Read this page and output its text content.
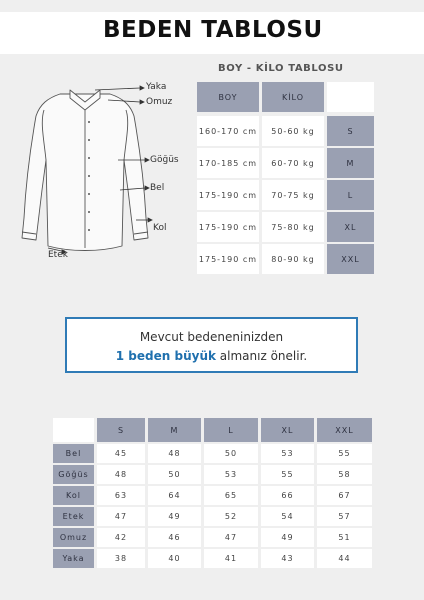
BEDEN TABLOSU
Yaka
Omuz
Göğüs
Bel
Kol
Etek
BOY - KİLO TABLOSU
BOY	KİLO
160-170 cm	50-60 kg	S
170-185 cm	60-70 kg	M
175-190 cm	70-75 kg	L
175-190 cm	75-80 kg	XL
175-190 cm	80-90 kg	XXL
Mevcut bedeneninizden
1 beden büyük almanız önelir.
S	M	L	XL	XXL
Bel	45	48	50	53	55
Göğüs	48	50	53	55	58
Kol	63	64	65	66	67
Etek	47	49	52	54	57
Omuz	42	46	47	49	51
Yaka	38	40	41	43	44
